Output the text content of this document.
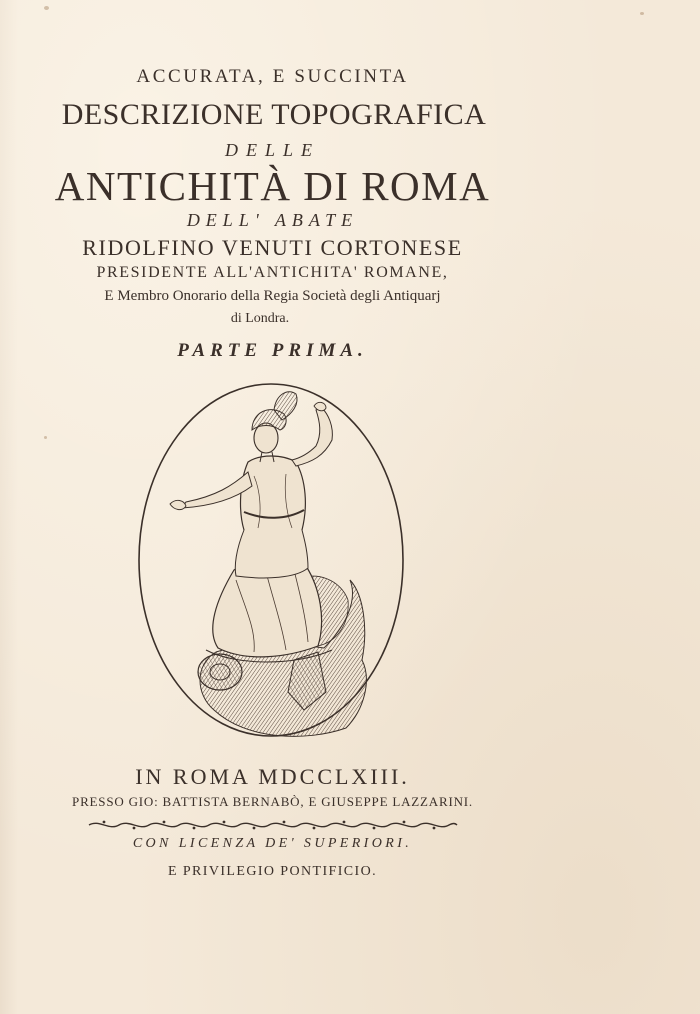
ACCURATA, E SUCCINTA
DESCRIZIONE TOPOGRAFICA
DELLE
ANTICHITÀ DI ROMA
DELL' ABATE
RIDOLFINO VENUTI CORTONESE
PRESIDENTE ALL'ANTICHITA' ROMANE,
E Membro Onorario della Regia Società degli Antiquarj
di Londra.
PARTE PRIMA.
IN ROMA MDCCLXIII.
PRESSO GIO: BATTISTA BERNABÒ, E GIUSEPPE LAZZARINI.
CON LICENZA DE' SUPERIORI.
E PRIVILEGIO PONTIFICIO.
